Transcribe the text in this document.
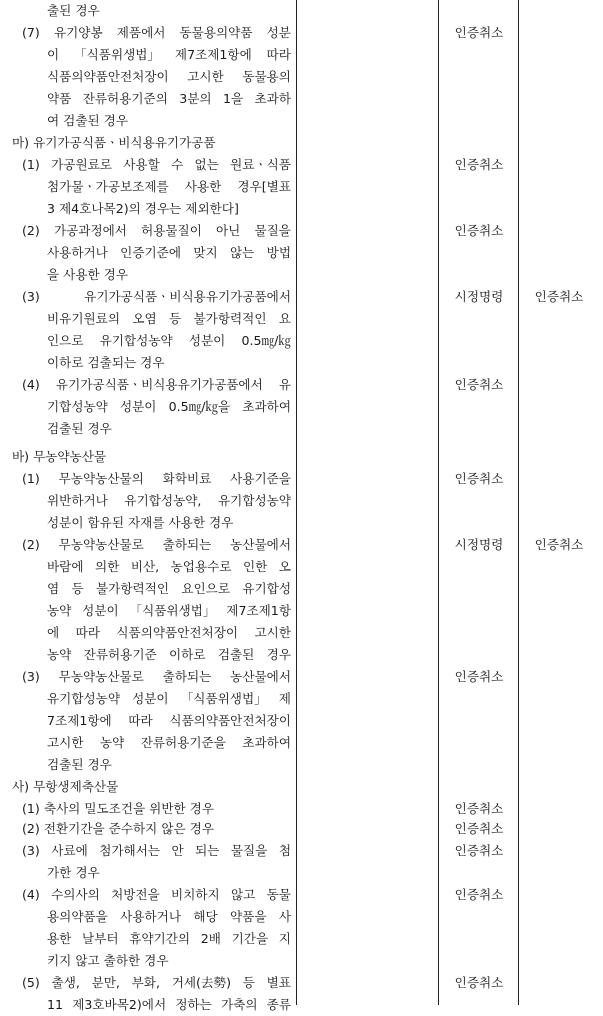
출된 경우
(7) 유기양봉 제품에서 동물용의약품 성분	인증취소
이 「식품위생법」 제7조제1항에 따라
식품의약품안전처장이 고시한 동물용의
약품 잔류허용기준의 3분의 1을 초과하
여 검출된 경우
마) 유기가공식품ㆍ비식용유기가공품
(1) 가공원료로 사용할 수 없는 원료ㆍ식품	인증취소
첨가물ㆍ가공보조제를 사용한 경우[별표
3 제4호나목2)의 경우는 제외한다]
(2) 가공과정에서 허용물질이 아닌 물질을	인증취소
사용하거나 인증기준에 맞지 않는 방법
을 사용한 경우
(3)	유기가공식품ㆍ비식용유기가공품에서	시정명령	인증취소
비유기원료의 오염 등 불가항력적인 요
인으로 유기합성농약 성분이 0.5㎎/㎏
이하로 검출되는 경우
(4) 유기가공식품ㆍ비식용유기가공품에서 유	인증취소
기합성농약 성분이 0.5㎎/㎏을 초과하여
검출된 경우
바) 무농약농산물
(1) 무농약농산물의 화학비료 사용기준을	인증취소
위반하거나 유기합성농약, 유기합성농약
성분이 함유된 자재를 사용한 경우
(2) 무농약농산물로 출하되는 농산물에서	시정명령	인증취소
바람에 의한 비산, 농업용수로 인한 오
염 등 불가항력적인 요인으로 유기합성
농약 성분이 「식품위생법」 제7조제1항
에 따라 식품의약품안전처장이 고시한
농약 잔류허용기준 이하로 검출된 경우
(3) 무농약농산물로 출하되는 농산물에서	인증취소
유기합성농약 성분이 「식품위생법」 제
7조제1항에 따라 식품의약품안전처장이
고시한 농약 잔류허용기준을 초과하여
검출된 경우
사) 무항생제축산물
(1) 축사의 밀도조건을 위반한 경우	인증취소
(2) 전환기간을 준수하지 않은 경우	인증취소
(3) 사료에 첨가해서는 안 되는 물질을 첨	인증취소
가한 경우
(4) 수의사의 처방전을 비치하지 않고 동물	인증취소
용의약품을 사용하거나 해당 약품을 사
용한 날부터 휴약기간의 2배 기간을 지
키지 않고 출하한 경우
(5) 출생, 분만, 부화, 거세(去勢) 등 별표	인증취소
11 제3호바목2)에서 정하는 가축의 종류
